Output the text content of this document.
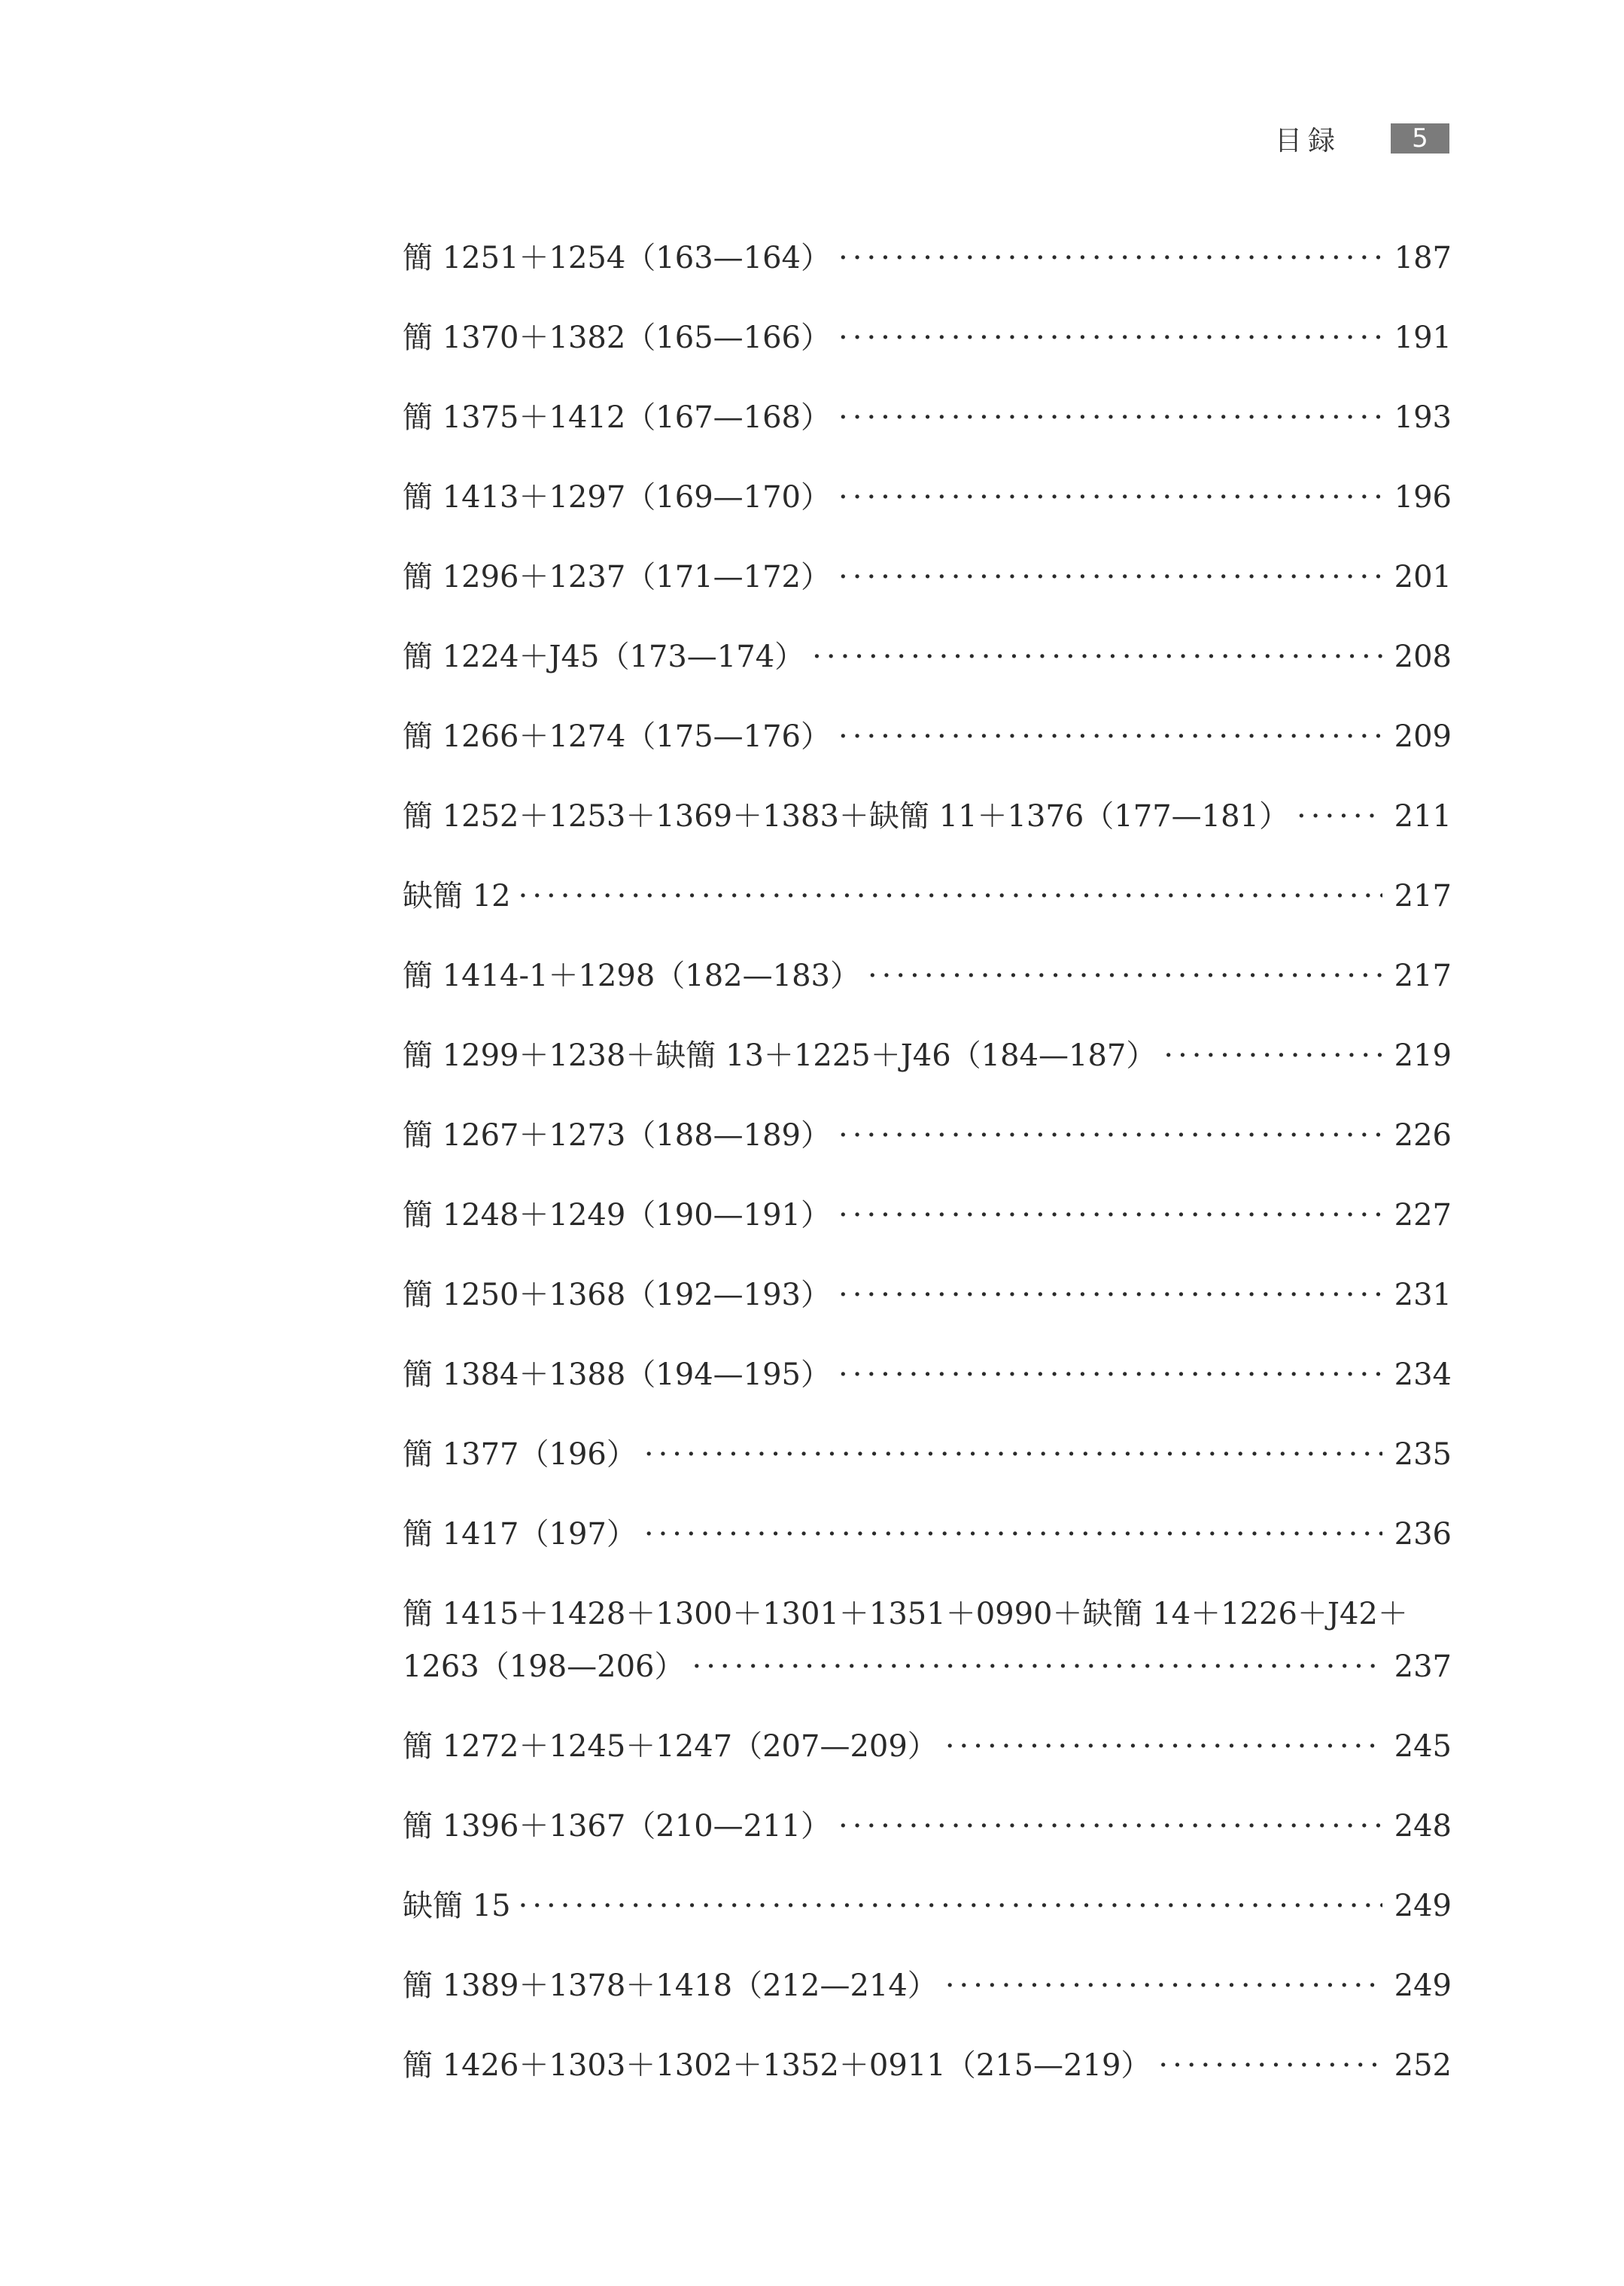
目録	5
簡 1251＋1254（163—164） ·····	187
簡 1370＋1382（165—166） ·····	191
簡 1375＋1412（167—168） ·····	193
簡 1413＋1297（169—170） ·····	196
簡 1296＋1237（171—172） ·····	201
簡 1224＋J45（173—174） ·····	208
簡 1266＋1274（175—176） ·····	209
簡 1252＋1253＋1369＋1383＋缺簡 11＋1376（177—181） ·····	211
缺簡 12 ·····	217
簡 1414-1＋1298（182—183） ·····	217
簡 1299＋1238＋缺簡 13＋1225＋J46（184—187） ·····	219
簡 1267＋1273（188—189） ·····	226
簡 1248＋1249（190—191） ·····	227
簡 1250＋1368（192—193） ·····	231
簡 1384＋1388（194—195） ·····	234
簡 1377（196） ·····	235
簡 1417（197） ·····	236
簡 1415＋1428＋1300＋1301＋1351＋0990＋缺簡 14＋1226＋J42＋
1263（198—206） ·····	237
簡 1272＋1245＋1247（207—209） ·····	245
簡 1396＋1367（210—211） ·····	248
缺簡 15 ·····	249
簡 1389＋1378＋1418（212—214） ·····	249
簡 1426＋1303＋1302＋1352＋0911（215—219） ·····	252
